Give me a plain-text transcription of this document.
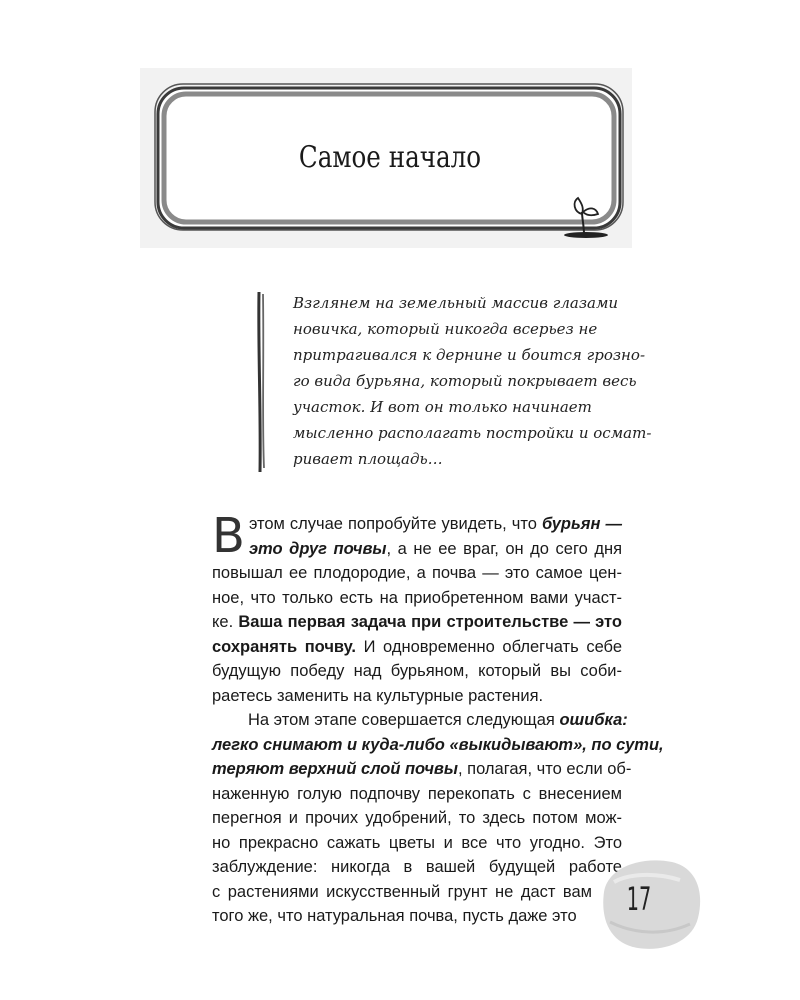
Самое начало
Взглянем на земельный массив глазами
новичка, который никогда всерьез не
притрагивался к дернине и боится грозно-
го вида бурьяна, который покрывает весь
участок. И вот он только начинает
мысленно располагать постройки и осмат-
ривает площадь…
В этом случае попробуйте увидеть, что бурьян —
это друг почвы, а не ее враг, он до сего дня
повышал ее плодородие, а почва — это самое цен-
ное, что только есть на приобретенном вами участ-
ке. Ваша первая задача при строительстве — это
сохранять почву. И одновременно облегчать себе
будущую победу над бурьяном, который вы соби-
раетесь заменить на культурные растения.
На этом этапе совершается следующая ошибка:
легко снимают и куда-либо «выкидывают», по сути,
теряют верхний слой почвы, полагая, что если об-
наженную голую подпочву перекопать с внесением
перегноя и прочих удобрений, то здесь потом мож-
но прекрасно сажать цветы и все что угодно. Это
заблуждение: никогда в вашей будущей работе
с растениями искусственный грунт не даст вам
того же, что натуральная почва, пусть даже это	17
